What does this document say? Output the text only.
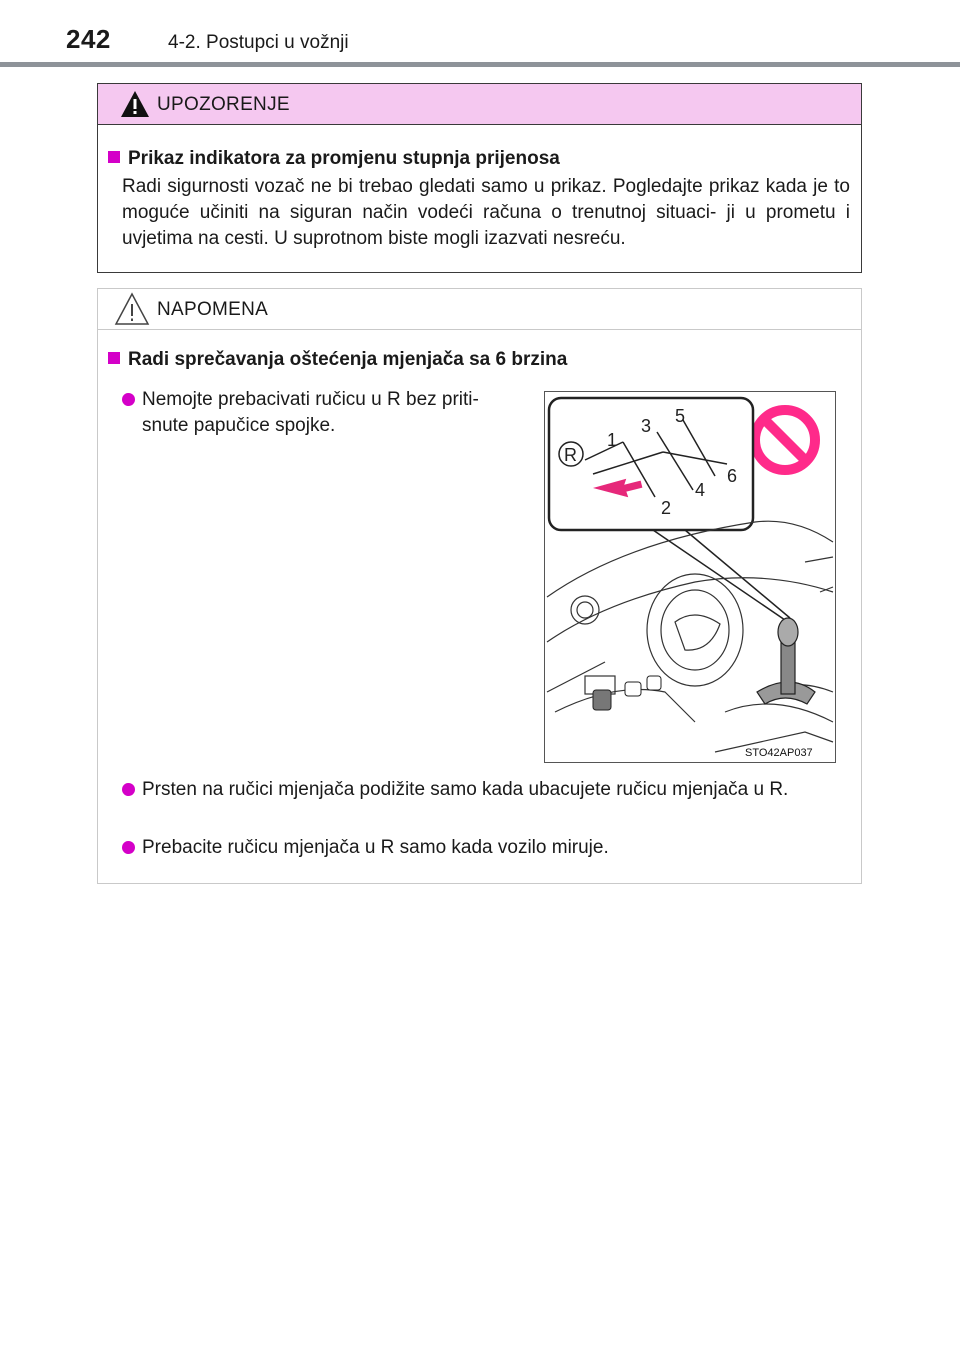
242	4-2. Postupci u vožnji
UPOZORENJE
Prikaz indikatora za promjenu stupnja prijenosa
Radi sigurnosti vozač ne bi trebao gledati samo u prikaz. Pogledajte prikaz kada je to moguće učiniti na siguran način vodeći računa o trenutnoj situaci- ji u prometu i uvjetima na cesti. U suprotnom biste mogli izazvati nesreću.
NAPOMENA
Radi sprečavanja oštećenja mjenjača sa 6 brzina
Nemojte prebacivati ručicu u R bez priti- snute papučice spojke.
R
1
2
3
4
5
6
STO42AP037
Prsten na ručici mjenjača podižite samo kada ubacujete ručicu mjenjača u R.
Prebacite ručicu mjenjača u R samo kada vozilo miruje.
